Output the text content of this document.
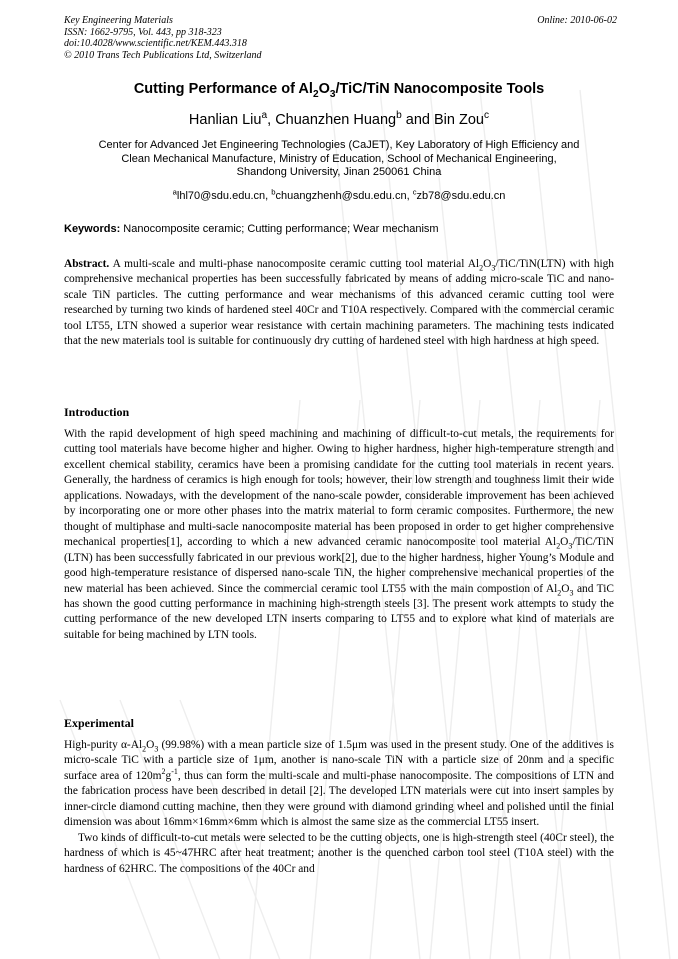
Key Engineering Materials
ISSN: 1662-9795, Vol. 443, pp 318-323
doi:10.4028/www.scientific.net/KEM.443.318
© 2010 Trans Tech Publications Ltd, Switzerland
Online: 2010-06-02
Cutting Performance of $Al_2O_3/TiC$/TiN Nanocomposite Tools
Hanlian Liu$^a$, Chuanzhen Huang$^b$ and Bin Zou$^c$
Center for Advanced Jet Engineering Technologies (CaJET), Key Laboratory of High Efficiency and
Clean Mechanical Manufacture, Ministry of Education, School of Mechanical Engineering,
Shandong University, Jinan 250061 China
$^a$lhl70@sdu.edu.cn, $^b$chuangzhenh@sdu.edu.cn, $^c$zb78@sdu.edu.cn
Keywords: Nanocomposite ceramic; Cutting performance; Wear mechanism

Abstract. A multi-scale and multi-phase nanocomposite ceramic cutting tool material $Al_2O_3/TiC/TiN(LTN)$ with high comprehensive mechanical properties has been successfully fabricated by means of adding micro-scale TiC and nano-scale TiN particles. The cutting performance and wear mechanisms of this advanced ceramic cutting tool were researched by turning two kinds of hardened steel 40Cr and T10A respectively. Compared with the commercial ceramic tool LT55, LTN showed a superior wear resistance with certain machining parameters. The machining tests indicated that the new materials tool is suitable for continuously dry cutting of hardened steel with high hardness at high speed.

Introduction

With the rapid development of high speed machining and machining of difficult-to-cut metals, the requirements for cutting tool materials have become higher and higher. Owing to higher hardness, higher high-temperature strength and excellent chemical stability, ceramics have been a promising candidate for the cutting tool materials in recent years. Generally, the hardness of ceramics is high enough for tools; however, their low strength and toughness limit their wide applications. Nowadays, with the development of the nano-scale powder, considerable improvement has been achieved by incorporating one or more other phases into the matrix material to form ceramic composites. Furthermore, the new thought of multiphase and multi-sacle nanocomposite material has been proposed in order to get higher comprehensive mechanical properties[1], according to which a new advanced ceramic nanocomposite tool material $Al_2O_3/TiC$/TiN (LTN) has been successfully fabricated in our previous work[2], due to the higher hardness, higher Young’s Module and good high-temperature resistance of dispersed nano-scale TiN, the higher comprehensive mechanical properties of the new material has been achieved. Since the commercial ceramic tool LT55 with the main compostion of $Al_2O_3$ and TiC has shown the good cutting performance in machining high-strength steels [3]. The present work attempts to study the cutting performance of the new developed LTN inserts comparing to LT55 and to explore what kind of materials are suitable for being machined by LTN tools.

Experimental

High-purity $\alpha-Al_2O_3$ (99.98%) with a mean particle size of 1.5μm was used in the present study. One of the additives is micro-scale TiC with a particle size of 1μm, another is nano-scale TiN with a particle size of 20nm and a specific surface area of $120m^2g^{-1}$, thus can form the multi-scale and multi-phase nanocomposite. The compositions of LTN and the fabrication process have been described in detail [2]. The developed LTN materials were cut into insert samples by inner-circle diamond cutting machine, then they were ground with diamond grinding wheel and polished until the finial dimension was about 16mm×16mm×6mm which is almost the same size as the commercial LT55 insert.

Two kinds of difficult-to-cut metals were selected to be the cutting objects, one is high-strength steel (40Cr steel), the hardness of which is 45~47HRC after heat treatment; another is the quenched carbon tool steel (T10A steel) with the hardness of 62HRC. The compositions of the 40Cr and
